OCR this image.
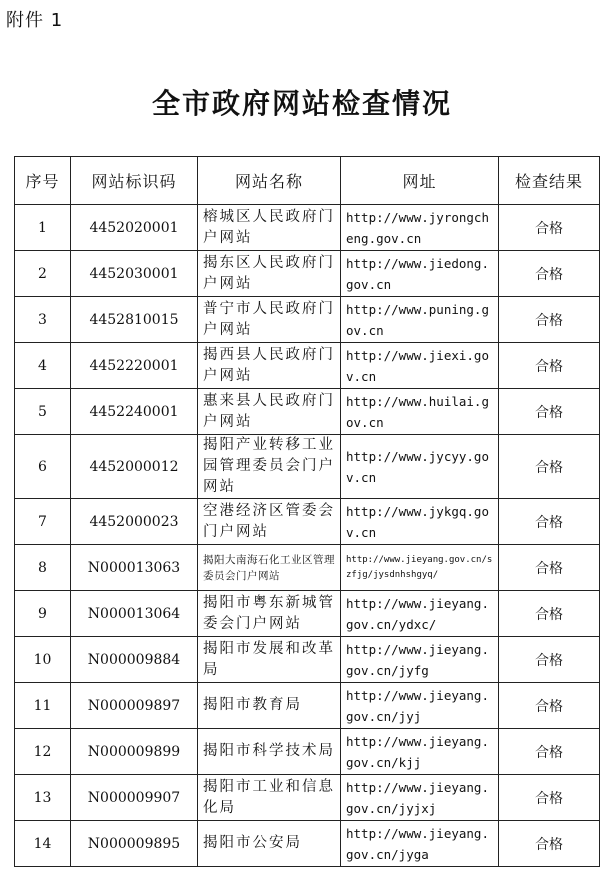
附件 1
全市政府网站检查情况
序号	网站标识码	网站名称	网址	检查结果
1	4452020001	榕城区人民政府门户网站	http://www.jyrongcheng.gov.cn	合格
2	4452030001	揭东区人民政府门户网站	http://www.jiedong.gov.cn	合格
3	4452810015	普宁市人民政府门户网站	http://www.puning.gov.cn	合格
4	4452220001	揭西县人民政府门户网站	http://www.jiexi.gov.cn	合格
5	4452240001	惠来县人民政府门户网站	http://www.huilai.gov.cn	合格
6	4452000012	揭阳产业转移工业园管理委员会门户网站	http://www.jycyy.gov.cn	合格
7	4452000023	空港经济区管委会门户网站	http://www.jykgq.gov.cn	合格
8	N000013063	揭阳大南海石化工业区管理委员会门户网站	http://www.jieyang.gov.cn/szfjg/jysdnhshgyq/	合格
9	N000013064	揭阳市粤东新城管委会门户网站	http://www.jieyang.gov.cn/ydxc/	合格
10	N000009884	揭阳市发展和改革局	http://www.jieyang.gov.cn/jyfg	合格
11	N000009897	揭阳市教育局	http://www.jieyang.gov.cn/jyj	合格
12	N000009899	揭阳市科学技术局	http://www.jieyang.gov.cn/kjj	合格
13	N000009907	揭阳市工业和信息化局	http://www.jieyang.gov.cn/jyjxj	合格
14	N000009895	揭阳市公安局	http://www.jieyang.gov.cn/jyga	合格
